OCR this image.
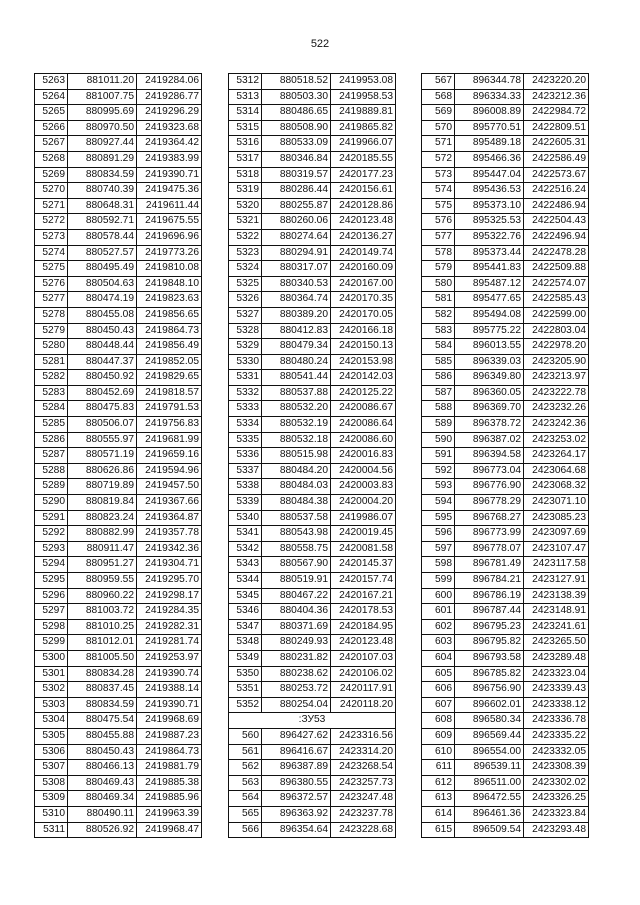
522
5263	881011.20	2419284.06
5264	881007.75	2419286.77
5265	880995.69	2419296.29
5266	880970.50	2419323.68
5267	880927.44	2419364.42
5268	880891.29	2419383.99
5269	880834.59	2419390.71
5270	880740.39	2419475.36
5271	880648.31	2419611.44
5272	880592.71	2419675.55
5273	880578.44	2419696.96
5274	880527.57	2419773.26
5275	880495.49	2419810.08
5276	880504.63	2419848.10
5277	880474.19	2419823.63
5278	880455.08	2419856.65
5279	880450.43	2419864.73
5280	880448.44	2419856.49
5281	880447.37	2419852.05
5282	880450.92	2419829.65
5283	880452.69	2419818.57
5284	880475.83	2419791.53
5285	880506.07	2419756.83
5286	880555.97	2419681.99
5287	880571.19	2419659.16
5288	880626.86	2419594.96
5289	880719.89	2419457.50
5290	880819.84	2419367.66
5291	880823.24	2419364.87
5292	880882.99	2419357.78
5293	880911.47	2419342.36
5294	880951.27	2419304.71
5295	880959.55	2419295.70
5296	880960.22	2419298.17
5297	881003.72	2419284.35
5298	881010.25	2419282.31
5299	881012.01	2419281.74
5300	881005.50	2419253.97
5301	880834.28	2419390.74
5302	880837.45	2419388.14
5303	880834.59	2419390.71
5304	880475.54	2419968.69
5305	880455.88	2419887.23
5306	880450.43	2419864.73
5307	880466.13	2419881.79
5308	880469.43	2419885.38
5309	880469.34	2419885.96
5310	880490.11	2419963.39
5311	880526.92	2419968.47
5312	880518.52	2419953.08
5313	880503.30	2419958.53
5314	880486.65	2419889.81
5315	880508.90	2419865.82
5316	880533.09	2419966.07
5317	880346.84	2420185.55
5318	880319.57	2420177.23
5319	880286.44	2420156.61
5320	880255.87	2420128.86
5321	880260.06	2420123.48
5322	880274.64	2420136.27
5323	880294.91	2420149.74
5324	880317.07	2420160.09
5325	880340.53	2420167.00
5326	880364.74	2420170.35
5327	880389.20	2420170.05
5328	880412.83	2420166.18
5329	880479.34	2420150.13
5330	880480.24	2420153.98
5331	880541.44	2420142.03
5332	880537.88	2420125.22
5333	880532.20	2420086.67
5334	880532.19	2420086.64
5335	880532.18	2420086.60
5336	880515.98	2420016.83
5337	880484.20	2420004.56
5338	880484.03	2420003.83
5339	880484.38	2420004.20
5340	880537.58	2419986.07
5341	880543.98	2420019.45
5342	880558.75	2420081.58
5343	880567.90	2420145.37
5344	880519.91	2420157.74
5345	880467.22	2420167.21
5346	880404.36	2420178.53
5347	880371.69	2420184.95
5348	880249.93	2420123.48
5349	880231.82	2420107.03
5350	880238.62	2420106.02
5351	880253.72	2420117.91
5352	880254.04	2420118.20
:ЗУ53		
560	896427.62	2423316.56
561	896416.67	2423314.20
562	896387.89	2423268.54
563	896380.55	2423257.73
564	896372.57	2423247.48
565	896363.92	2423237.78
566	896354.64	2423228.68
567	896344.78	2423220.20
568	896334.33	2423212.36
569	896008.89	2422984.72
570	895770.51	2422809.51
571	895489.18	2422605.31
572	895466.36	2422586.49
573	895447.04	2422573.67
574	895436.53	2422516.24
575	895373.10	2422486.94
576	895325.53	2422504.43
577	895322.76	2422496.94
578	895373.44	2422478.28
579	895441.83	2422509.88
580	895487.12	2422574.07
581	895477.65	2422585.43
582	895494.08	2422599.00
583	895775.22	2422803.04
584	896013.55	2422978.20
585	896339.03	2423205.90
586	896349.80	2423213.97
587	896360.05	2423222.78
588	896369.70	2423232.26
589	896378.72	2423242.36
590	896387.02	2423253.02
591	896394.58	2423264.17
592	896773.04	2423064.68
593	896776.90	2423068.32
594	896778.29	2423071.10
595	896768.27	2423085.23
596	896773.99	2423097.69
597	896778.07	2423107.47
598	896781.49	2423117.58
599	896784.21	2423127.91
600	896786.19	2423138.39
601	896787.44	2423148.91
602	896795.23	2423241.61
603	896795.82	2423265.50
604	896793.58	2423289.48
605	896785.82	2423323.04
606	896756.90	2423339.43
607	896602.01	2423338.12
608	896580.34	2423336.78
609	896569.44	2423335.22
610	896554.00	2423332.05
611	896539.11	2423308.39
612	896511.00	2423302.02
613	896472.55	2423326.25
614	896461.36	2423323.84
615	896509.54	2423293.48
